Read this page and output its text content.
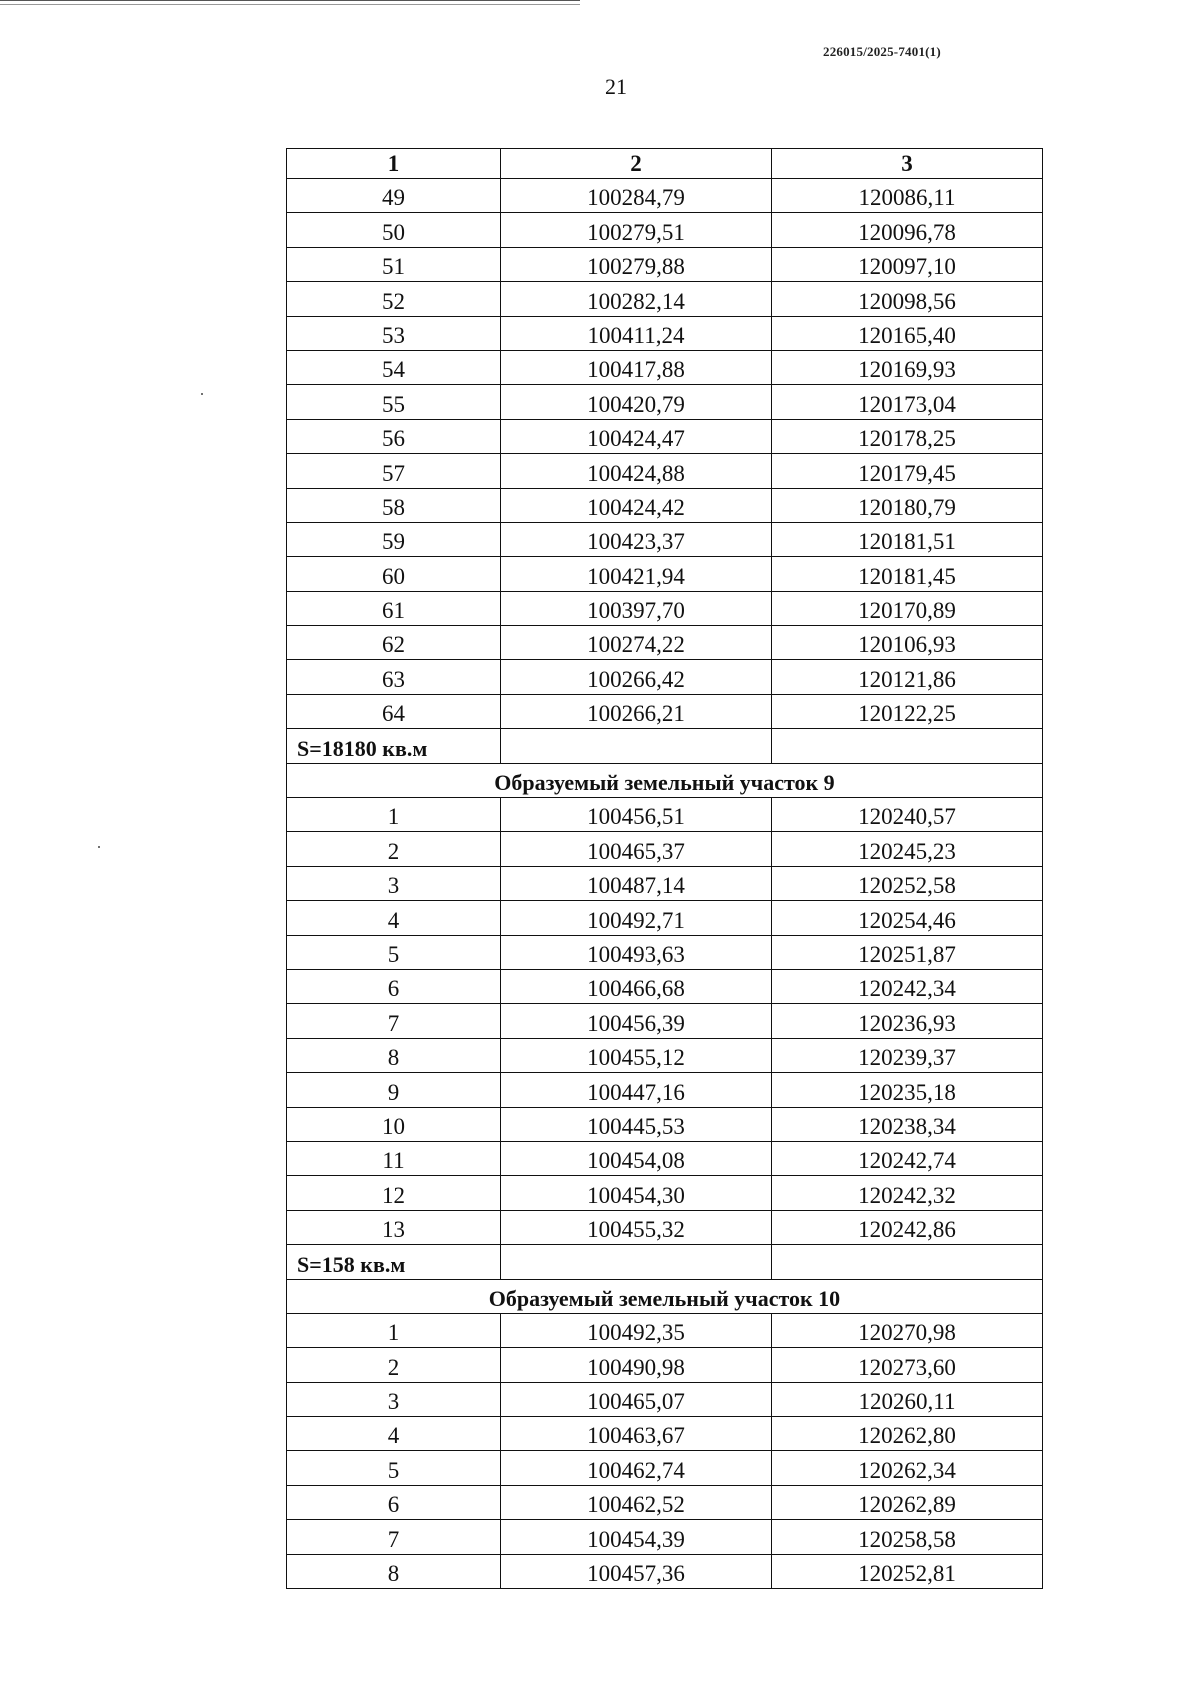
226015/2025-7401(1)
21
1	2	3
49	100284,79	120086,11
50	100279,51	120096,78
51	100279,88	120097,10
52	100282,14	120098,56
53	100411,24	120165,40
54	100417,88	120169,93
55	100420,79	120173,04
56	100424,47	120178,25
57	100424,88	120179,45
58	100424,42	120180,79
59	100423,37	120181,51
60	100421,94	120181,45
61	100397,70	120170,89
62	100274,22	120106,93
63	100266,42	120121,86
64	100266,21	120122,25
S=18180 кв.м		
Образуемый земельный участок 9		
1	100456,51	120240,57
2	100465,37	120245,23
3	100487,14	120252,58
4	100492,71	120254,46
5	100493,63	120251,87
6	100466,68	120242,34
7	100456,39	120236,93
8	100455,12	120239,37
9	100447,16	120235,18
10	100445,53	120238,34
11	100454,08	120242,74
12	100454,30	120242,32
13	100455,32	120242,86
S=158 кв.м		
Образуемый земельный участок 10		
1	100492,35	120270,98
2	100490,98	120273,60
3	100465,07	120260,11
4	100463,67	120262,80
5	100462,74	120262,34
6	100462,52	120262,89
7	100454,39	120258,58
8	100457,36	120252,81
